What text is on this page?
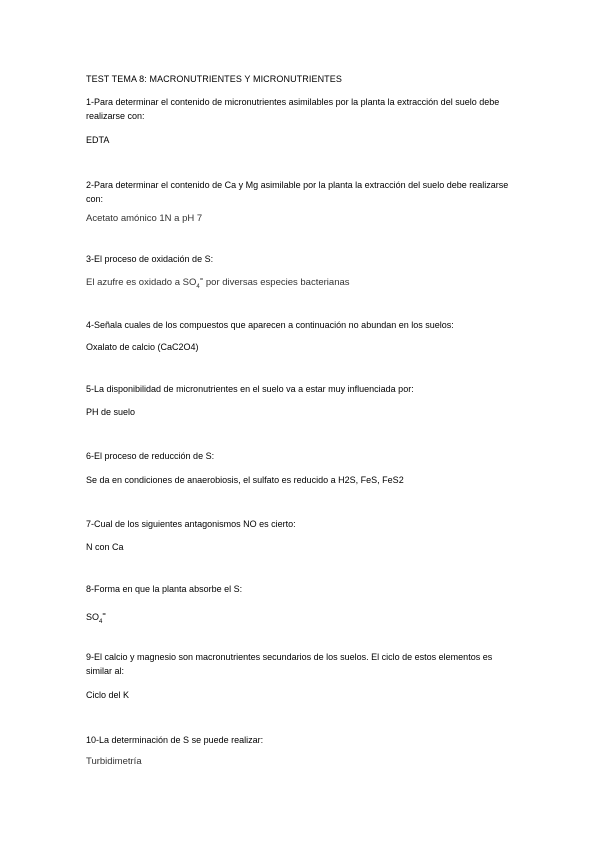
TEST TEMA 8: MACRONUTRIENTES Y MICRONUTRIENTES
1-Para determinar el contenido de micronutrientes asimilables por la planta la extracción del suelo debe realizarse con:
EDTA
2-Para determinar el contenido de Ca y Mg asimilable por la planta la extracción del suelo debe realizarse con:
Acetato amónico 1N a pH 7
3-El proceso de oxidación de S:
El azufre es oxidado a $SO_4^=$ por diversas especies bacterianas
4-Señala cuales de los compuestos que aparecen a continuación no abundan en los suelos:
Oxalato de calcio (CaC2O4)
5-La disponibilidad de micronutrientes en el suelo va a estar muy influenciada por:
PH de suelo
6-El proceso de reducción de S:
Se da en condiciones de anaerobiosis, el sulfato es reducido a H2S, FeS, FeS2
7-Cual de los siguientes antagonismos NO es cierto:
N con Ca
8-Forma en que la planta absorbe el S:
$SO_4^=$
9-El calcio y magnesio son macronutrientes secundarios de los suelos. El ciclo de estos elementos es similar al:
Ciclo del K
10-La determinación de S se puede realizar:
Turbidimetría
